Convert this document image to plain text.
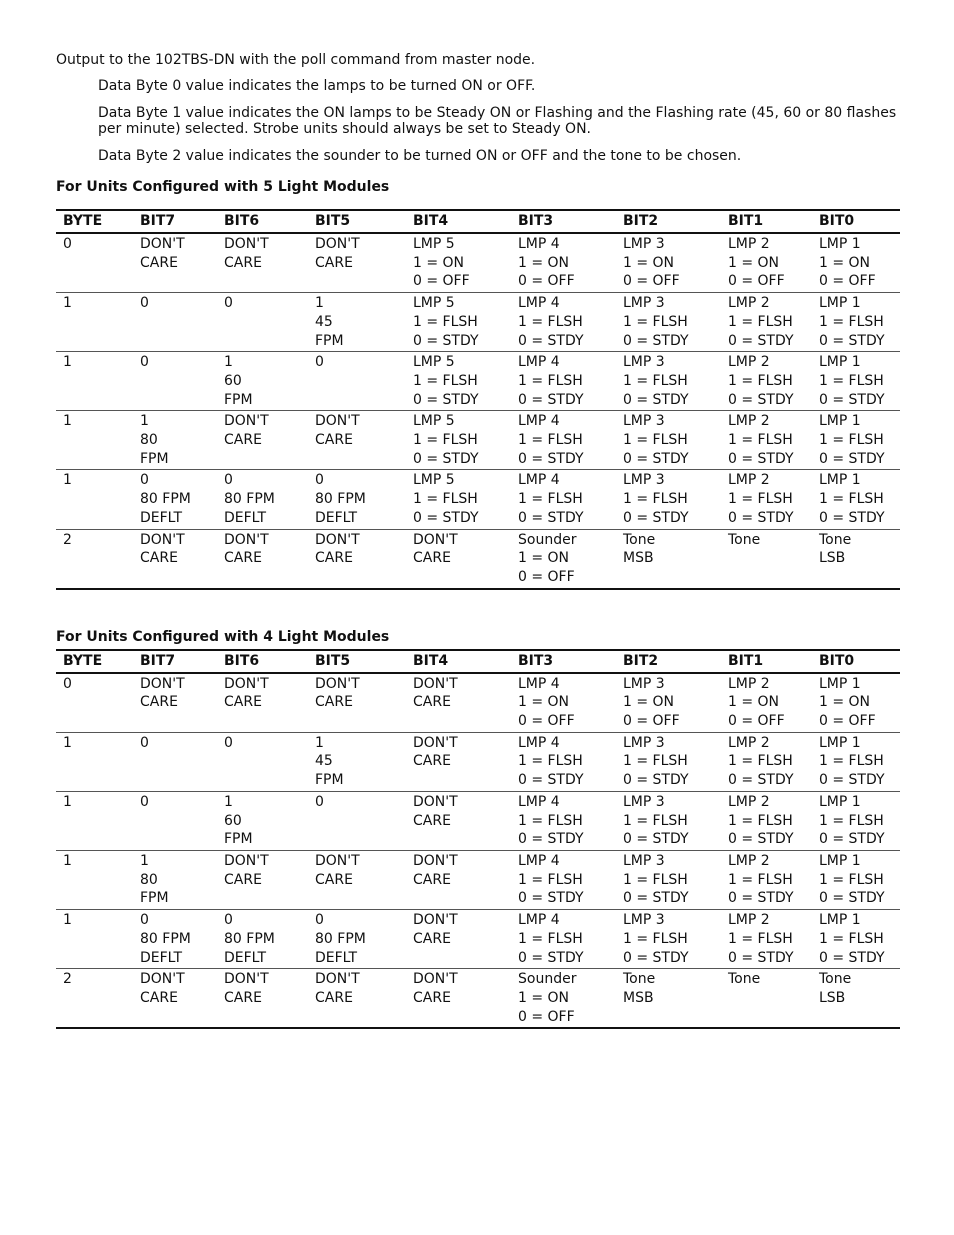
Output to the 102TBS-DN with the poll command from master node.

Data Byte 0 value indicates the lamps to be turned ON or OFF.

Data Byte 1 value indicates the ON lamps to be Steady ON or Flashing and the Flashing rate (45, 60 or 80 flashes per minute) selected. Strobe units should always be set to Steady ON.

Data Byte 2 value indicates the sounder to be turned ON or OFF and the tone to be chosen.

For Units Configured with 5 Light Modules
BYTE	BIT7	BIT6	BIT5	BIT4	BIT3	BIT2	BIT1	BIT0

0	DON'T
CARE	DON'T
CARE	DON'T
CARE	LMP 5
1 = ON
0 = OFF	LMP 4
1 = ON
0 = OFF	LMP 3
1 = ON
0 = OFF	LMP 2
1 = ON
0 = OFF	LMP 1
1 = ON
0 = OFF

1	0	0	1
45
FPM	LMP 5
1 = FLSH
0 = STDY	LMP 4
1 = FLSH
0 = STDY	LMP 3
1 = FLSH
0 = STDY	LMP 2
1 = FLSH
0 = STDY	LMP 1
1 = FLSH
0 = STDY

1	0	1
60
FPM	0	LMP 5
1 = FLSH
0 = STDY	LMP 4
1 = FLSH
0 = STDY	LMP 3
1 = FLSH
0 = STDY	LMP 2
1 = FLSH
0 = STDY	LMP 1
1 = FLSH
0 = STDY

1	1
80
FPM	DON'T
CARE	DON'T
CARE	LMP 5
1 = FLSH
0 = STDY	LMP 4
1 = FLSH
0 = STDY	LMP 3
1 = FLSH
0 = STDY	LMP 2
1 = FLSH
0 = STDY	LMP 1
1 = FLSH
0 = STDY

1	0
80 FPM
DEFLT	0
80 FPM
DEFLT	0
80 FPM
DEFLT	LMP 5
1 = FLSH
0 = STDY	LMP 4
1 = FLSH
0 = STDY	LMP 3
1 = FLSH
0 = STDY	LMP 2
1 = FLSH
0 = STDY	LMP 1
1 = FLSH
0 = STDY

2	DON'T
CARE	DON'T
CARE	DON'T
CARE	DON'T
CARE	Sounder
1 = ON
0 = OFF	Tone
MSB	Tone	Tone
LSB
For Units Configured with 4 Light Modules
BYTE	BIT7	BIT6	BIT5	BIT4	BIT3	BIT2	BIT1	BIT0

0	DON'T
CARE	DON'T
CARE	DON'T
CARE	DON'T
CARE	LMP 4
1 = ON
0 = OFF	LMP 3
1 = ON
0 = OFF	LMP 2
1 = ON
0 = OFF	LMP 1
1 = ON
0 = OFF

1	0	0	1
45
FPM	DON'T
CARE	LMP 4
1 = FLSH
0 = STDY	LMP 3
1 = FLSH
0 = STDY	LMP 2
1 = FLSH
0 = STDY	LMP 1
1 = FLSH
0 = STDY

1	0	1
60
FPM	0	DON'T
CARE	LMP 4
1 = FLSH
0 = STDY	LMP 3
1 = FLSH
0 = STDY	LMP 2
1 = FLSH
0 = STDY	LMP 1
1 = FLSH
0 = STDY

1	1
80
FPM	DON'T
CARE	DON'T
CARE	DON'T
CARE	LMP 4
1 = FLSH
0 = STDY	LMP 3
1 = FLSH
0 = STDY	LMP 2
1 = FLSH
0 = STDY	LMP 1
1 = FLSH
0 = STDY

1	0
80 FPM
DEFLT	0
80 FPM
DEFLT	0
80 FPM
DEFLT	DON'T
CARE	LMP 4
1 = FLSH
0 = STDY	LMP 3
1 = FLSH
0 = STDY	LMP 2
1 = FLSH
0 = STDY	LMP 1
1 = FLSH
0 = STDY

2	DON'T
CARE	DON'T
CARE	DON'T
CARE	DON'T
CARE	Sounder
1 = ON
0 = OFF	Tone
MSB	Tone	Tone
LSB
